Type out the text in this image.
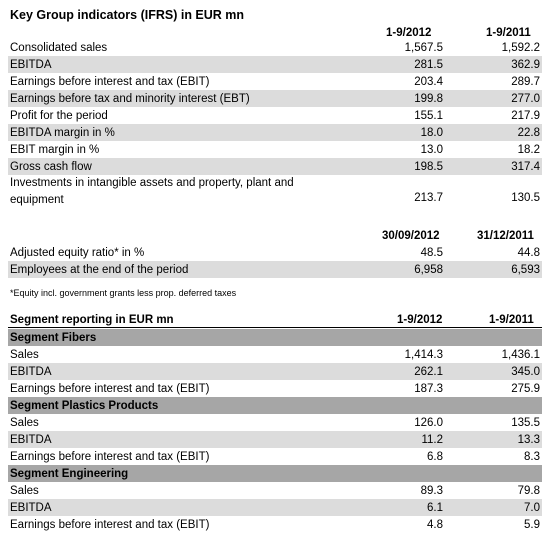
Key Group indicators (IFRS) in EUR mn
1-9/2012	1-9/2011
Consolidated sales	1,567.5	1,592.2
EBITDA	281.5	362.9
Earnings before interest and tax (EBIT)	203.4	289.7
Earnings before tax and minority interest (EBT)	199.8	277.0
Profit for the period	155.1	217.9
EBITDA margin in %	18.0	22.8
EBIT margin in %	13.0	18.2
Gross cash flow	198.5	317.4
Investments in intangible assets and property, plant and equipment	213.7	130.5
30/09/2012	31/12/2011
Adjusted equity ratio* in %	48.5	44.8
Employees at the end of the period	6,958	6,593
*Equity incl. government grants less prop. deferred taxes
Segment reporting in EUR mn	1-9/2012	1-9/2011
Segment Fibers
Sales	1,414.3	1,436.1
EBITDA	262.1	345.0
Earnings before interest and tax (EBIT)	187.3	275.9
Segment Plastics Products
Sales	126.0	135.5
EBITDA	11.2	13.3
Earnings before interest and tax (EBIT)	6.8	8.3
Segment Engineering
Sales	89.3	79.8
EBITDA	6.1	7.0
Earnings before interest and tax (EBIT)	4.8	5.9
